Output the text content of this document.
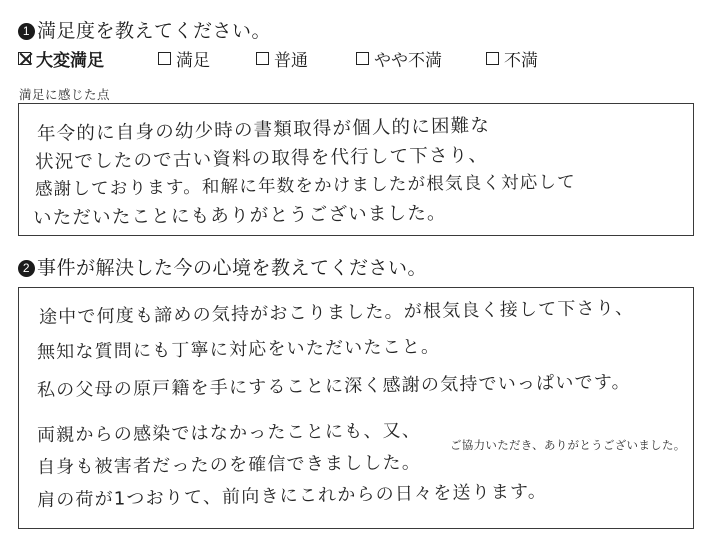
1 満足度を教えてください。
大変満足	満足	普通	やや不満	不満
満足に感じた点
年令的に自身の幼少時の書類取得が個人的に困難な
状況でしたので古い資料の取得を代行して下さり、
感謝しております。和解に年数をかけましたが根気良く対応して
いただいたことにもありがとうございました。
2 事件が解決した今の心境を教えてください。
途中で何度も諦めの気持がおこりました。が根気良く接して下さり、
無知な質問にも丁寧に対応をいただいたこと。
私の父母の原戸籍を手にすることに深く感謝の気持でいっぱいです。
両親からの感染ではなかったことにも、又、
自身も被害者だったのを確信できましした。
肩の荷が1つおりて、前向きにこれからの日々を送ります。
ご協力いただき、ありがとうございました。
